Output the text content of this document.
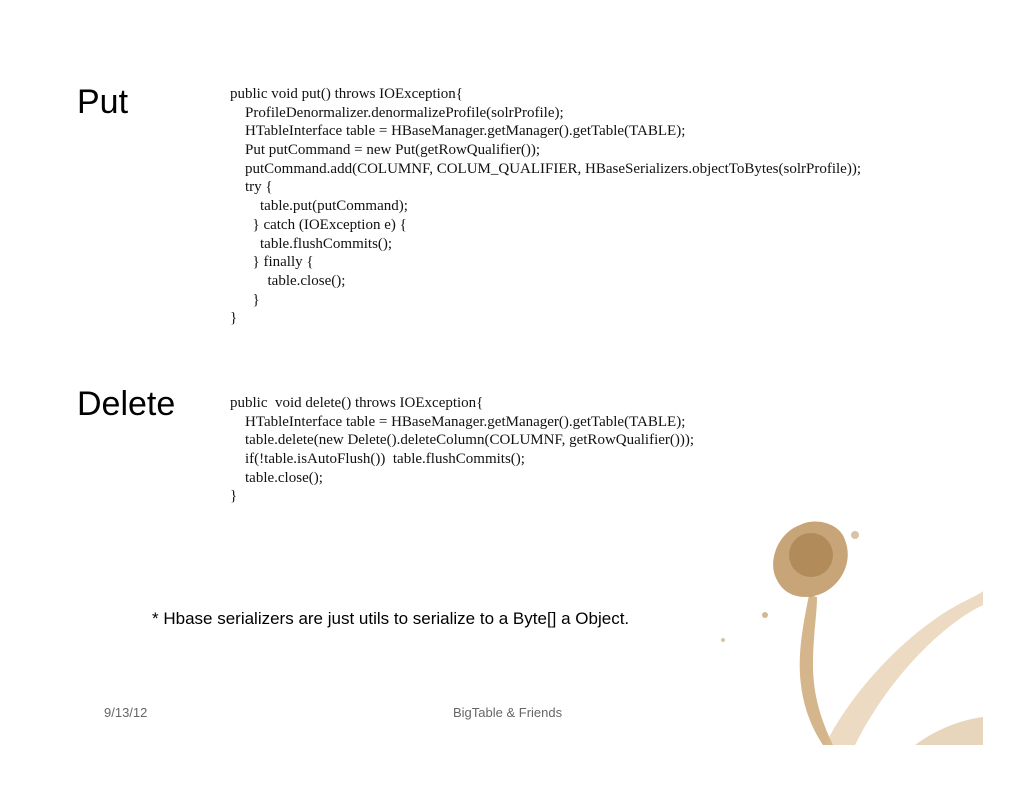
Put	public void put() throws IOException{
ProfileDenormalizer.denormalizeProfile(solrProfile);
HTableInterface table = HBaseManager.getManager().getTable(TABLE);
Put putCommand = new Put(getRowQualifier());
putCommand.add(COLUMNF, COLUM_QUALIFIER, HBaseSerializers.objectToBytes(solrProfile));
try {
table.put(putCommand);
} catch (IOException e) {
table.flushCommits();
} finally {
table.close();
}
}
Delete	public  void delete() throws IOException{
HTableInterface table = HBaseManager.getManager().getTable(TABLE);
table.delete(new Delete().deleteColumn(COLUMNF, getRowQualifier()));
if(!table.isAutoFlush())  table.flushCommits();
table.close();
}
* Hbase serializers are just utils to serialize to a Byte[] a Object.
9/13/12	BigTable & Friends
